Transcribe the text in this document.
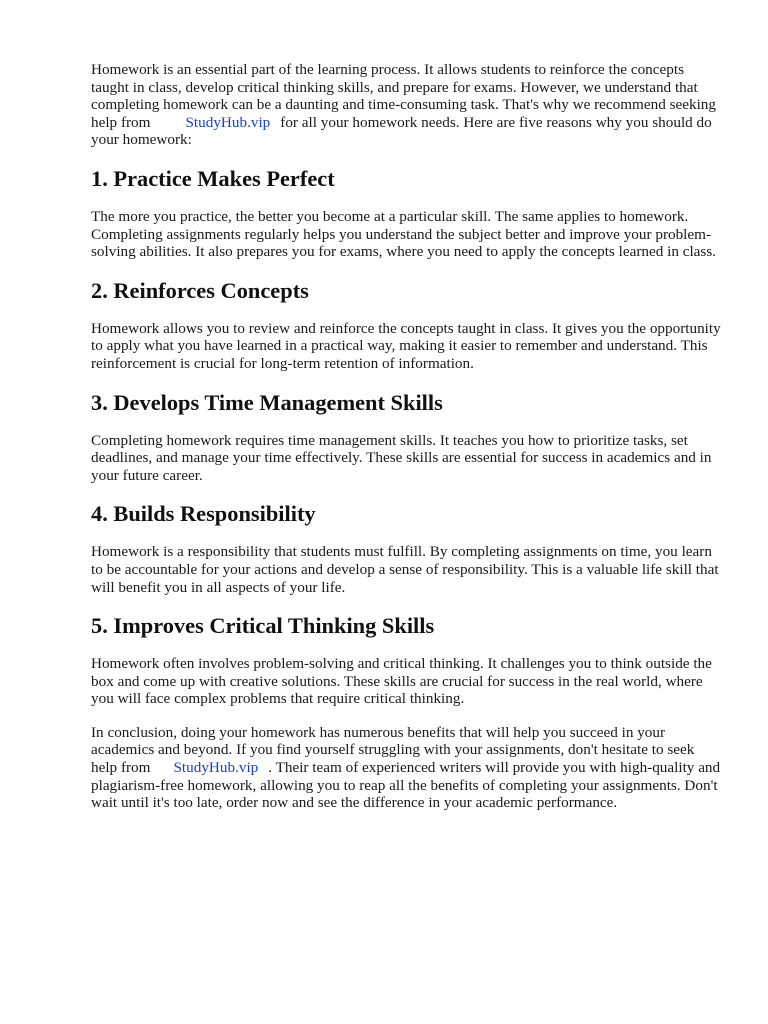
Homework is an essential part of the learning process. It allows students to reinforce the concepts taught in class, develop critical thinking skills, and prepare for exams. However, we understand that completing homework can be a daunting and time-consuming task. That's why we recommend seeking help from StudyHub.vip for all your homework needs. Here are five reasons why you should do your homework:

1. Practice Makes Perfect

The more you practice, the better you become at a particular skill. The same applies to homework. Completing assignments regularly helps you understand the subject better and improve your problem-solving abilities. It also prepares you for exams, where you need to apply the concepts learned in class.

2. Reinforces Concepts

Homework allows you to review and reinforce the concepts taught in class. It gives you the opportunity to apply what you have learned in a practical way, making it easier to remember and understand. This reinforcement is crucial for long-term retention of information.

3. Develops Time Management Skills

Completing homework requires time management skills. It teaches you how to prioritize tasks, set deadlines, and manage your time effectively. These skills are essential for success in academics and in your future career.

4. Builds Responsibility

Homework is a responsibility that students must fulfill. By completing assignments on time, you learn to be accountable for your actions and develop a sense of responsibility. This is a valuable life skill that will benefit you in all aspects of your life.

5. Improves Critical Thinking Skills

Homework often involves problem-solving and critical thinking. It challenges you to think outside the box and come up with creative solutions. These skills are crucial for success in the real world, where you will face complex problems that require critical thinking.

In conclusion, doing your homework has numerous benefits that will help you succeed in your academics and beyond. If you find yourself struggling with your assignments, don't hesitate to seek help from StudyHub.vip . Their team of experienced writers will provide you with high-quality and plagiarism-free homework, allowing you to reap all the benefits of completing your assignments. Don't wait until it's too late, order now and see the difference in your academic performance.
